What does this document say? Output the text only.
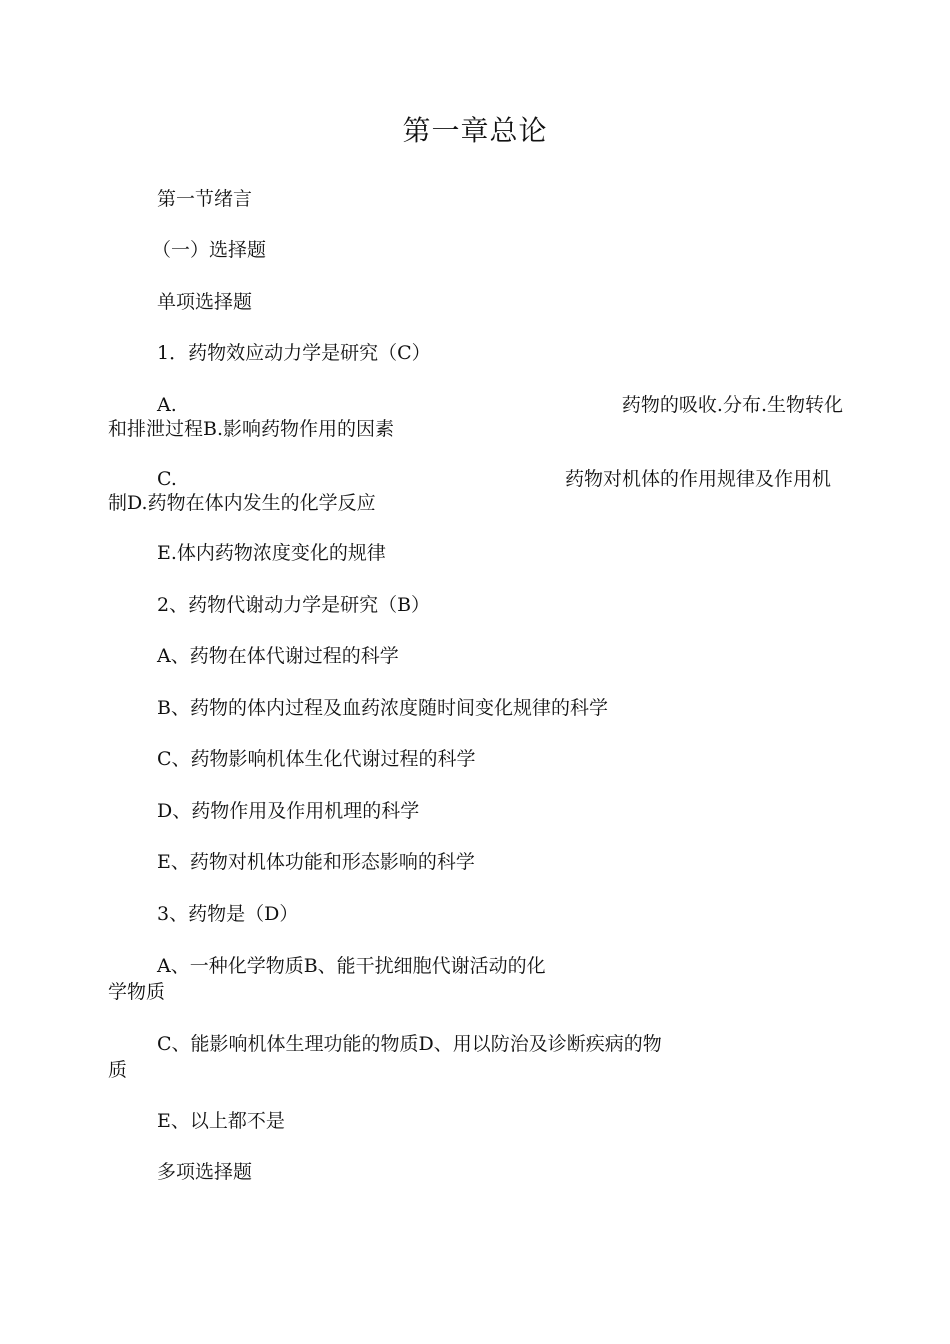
第一章总论
第一节绪言
（一）选择题
单项选择题
1．药物效应动力学是研究（C）
A.	药物的吸收.分布.生物转化
和排泄过程B.影响药物作用的因素
C.	药物对机体的作用规律及作用机
制D.药物在体内发生的化学反应
E.体内药物浓度变化的规律
2、药物代谢动力学是研究（B）
A、药物在体代谢过程的科学
B、药物的体内过程及血药浓度随时间变化规律的科学
C、药物影响机体生化代谢过程的科学
D、药物作用及作用机理的科学
E、药物对机体功能和形态影响的科学
3、药物是（D）
A、一种化学物质B、能干扰细胞代谢活动的化
学物质
C、能影响机体生理功能的物质D、用以防治及诊断疾病的物
质
E、以上都不是
多项选择题
